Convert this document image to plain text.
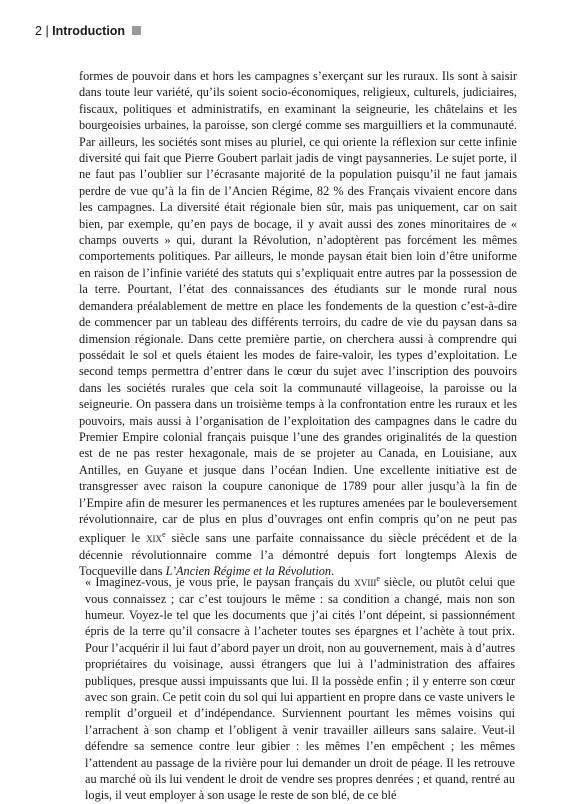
2 | Introduction

formes de pouvoir dans et hors les campagnes s’exerçant sur les ruraux. Ils sont à saisir dans toute leur variété, qu’ils soient socio-économiques, religieux, culturels, judiciaires, fiscaux, politiques et administratifs, en examinant la seigneurie, les châtelains et les bourgeoisies urbaines, la paroisse, son clergé comme ses marguilliers et la communauté. Par ailleurs, les sociétés sont mises au pluriel, ce qui oriente la réflexion sur cette infinie diversité qui fait que Pierre Goubert parlait jadis de vingt paysanneries. Le sujet porte, il ne faut pas l’oublier sur l’écrasante majorité de la population puisqu’il ne faut jamais perdre de vue qu’à la fin de l’Ancien Régime, 82 % des Français vivaient encore dans les campagnes. La diversité était régionale bien sûr, mais pas uniquement, car on sait bien, par exemple, qu’en pays de bocage, il y avait aussi des zones minoritaires de « champs ouverts » qui, durant la Révolution, n’adoptèrent pas forcément les mêmes comportements politiques. Par ailleurs, le monde paysan était bien loin d’être uniforme en raison de l’infinie variété des statuts qui s’expliquait entre autres par la possession de la terre. Pourtant, l’état des connaissances des étudiants sur le monde rural nous demandera préalablement de mettre en place les fondements de la question c’est-à-dire de commencer par un tableau des différents terroirs, du cadre de vie du paysan dans sa dimension régionale. Dans cette première partie, on cherchera aussi à comprendre qui possédait le sol et quels étaient les modes de faire-valoir, les types d’exploitation. Le second temps permettra d’entrer dans le cœur du sujet avec l’inscription des pouvoirs dans les sociétés rurales que cela soit la communauté villageoise, la paroisse ou la seigneurie. On passera dans un troisième temps à la confrontation entre les ruraux et les pouvoirs, mais aussi à l’organisation de l’exploitation des campagnes dans le cadre du Premier Empire colonial français puisque l’une des grandes originalités de la question est de ne pas rester hexagonale, mais de se projeter au Canada, en Louisiane, aux Antilles, en Guyane et jusque dans l’océan Indien. Une excellente initiative est de transgresser avec raison la coupure canonique de 1789 pour aller jusqu’à la fin de l’Empire afin de mesurer les permanences et les ruptures amenées par le bouleversement révolutionnaire, car de plus en plus d’ouvrages ont enfin compris qu’on ne peut pas expliquer le xix$^e$ siècle sans une parfaite connaissance du siècle précédent et de la décennie révolutionnaire comme l’a démontré depuis fort longtemps Alexis de Tocqueville dans L’Ancien Régime et la Révolution.

« Imaginez-vous, je vous prie, le paysan français du xviii$^e$ siècle, ou plutôt celui que vous connaissez ; car c’est toujours le même : sa condition a changé, mais non son humeur. Voyez-le tel que les documents que j’ai cités l’ont dépeint, si passionnément épris de la terre qu’il consacre à l’acheter toutes ses épargnes et l’achète à tout prix. Pour l’acquérir il lui faut d’abord payer un droit, non au gouvernement, mais à d’autres propriétaires du voisinage, aussi étrangers que lui à l’administration des affaires publiques, presque aussi impuissants que lui. Il la possède enfin ; il y enterre son cœur avec son grain. Ce petit coin du sol qui lui appartient en propre dans ce vaste univers le remplit d’orgueil et d’indépendance. Surviennent pourtant les mêmes voisins qui l’arrachent à son champ et l’obligent à venir travailler ailleurs sans salaire. Veut-il défendre sa semence contre leur gibier : les mêmes l’en empêchent ; les mêmes l’attendent au passage de la rivière pour lui demander un droit de péage. Il les retrouve au marché où ils lui vendent le droit de vendre ses propres denrées ; et quand, rentré au logis, il veut employer à son usage le reste de son blé, de ce blé
